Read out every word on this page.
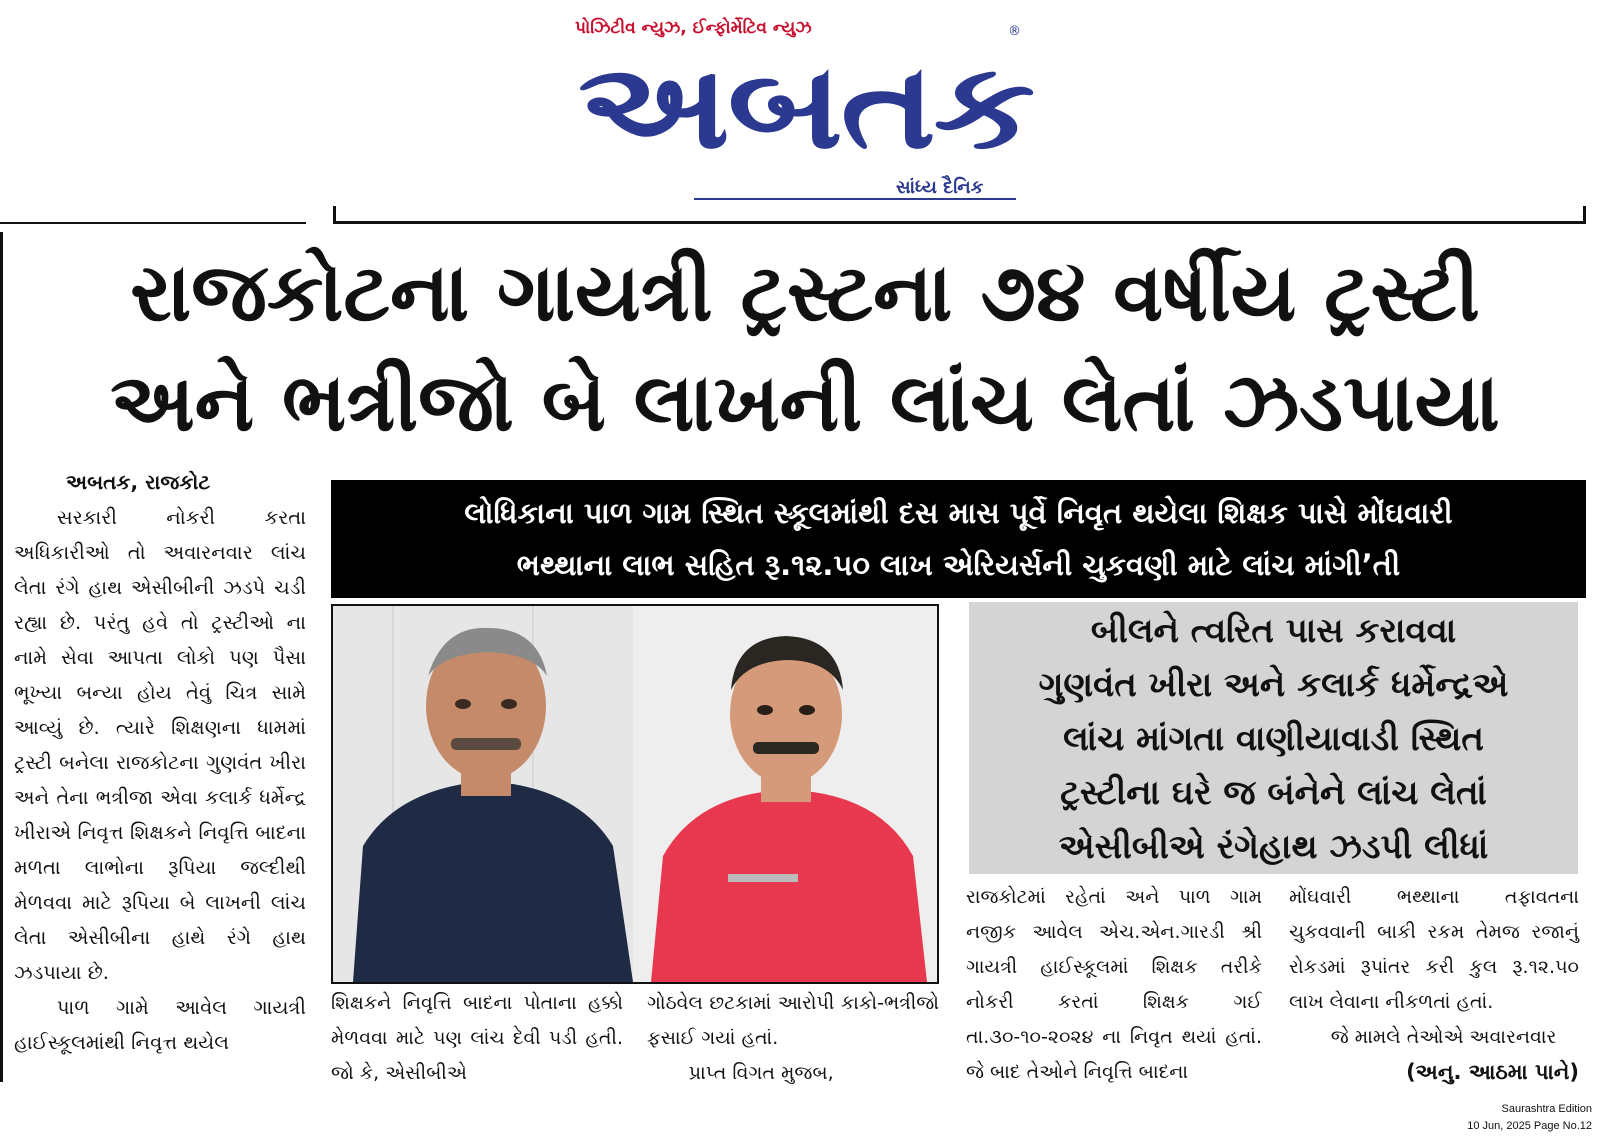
પોઝિટીવ ન્યુઝ, ઈન્ફોર્મેટિવ ન્યુઝ
અબતક
®
સાંધ્ય દૈનિક
રાજકોટના ગાયત્રી ટ્રસ્ટના ૭૪ વર્ષીય ટ્રસ્ટી
અને ભત્રીજો બે લાખની લાંચ લેતાં ઝડપાયા
અબતક, રાજકોટ

સરકારી નોકરી કરતા અધિકારીઓ તો અવારનવાર લાંચ લેતા રંગે હાથ એસીબીની ઝડપે ચડી રહ્યા છે. પરંતુ હવે તો ટ્રસ્ટીઓ ના નામે સેવા આપતા લોકો પણ પૈસા ભૂખ્યા બન્યા હોય તેવું ચિત્ર સામે આવ્યું છે. ત્યારે શિક્ષણના ધામમાં ટ્રસ્ટી બનેલા રાજકોટના ગુણવંત ખીરા અને તેના ભત્રીજા એવા કલાર્ક ધર્મેન્દ્ર ખીરાએ નિવૃત્ત શિક્ષકને નિવૃત્તિ બાદના મળતા લાભોના રૂપિયા જલ્દીથી મેળવવા માટે રૂપિયા બે લાખની લાંચ લેતા એસીબીના હાથે રંગે હાથ ઝડપાયા છે.

પાળ ગામે આવેલ ગાયત્રી હાઈસ્કૂલમાંથી નિવૃત્ત થયેલ

લોધિકાના પાળ ગામ સ્થિત સ્કૂલમાંથી દસ માસ પૂર્વે નિવૃત થયેલા શિક્ષક પાસે મોંઘવારી
ભથ્થાના લાભ સહિત રૂ.૧૨.૫૦ લાખ એરિયર્સની ચુકવણી માટે લાંચ માંગી’તી

શિક્ષકને નિવૃત્તિ બાદના પોતાના હક્કો મેળવવા માટે પણ લાંચ દેવી પડી હતી. જો કે, એસીબીએ

ગોઠવેલ છટકામાં આરોપી કાકો-ભત્રીજો ફસાઈ ગયાં હતાં.

પ્રાપ્ત વિગત મુજબ,

બીલને ત્વરિત પાસ કરાવવા
ગુણવંત ખીરા અને કલાર્ક ધર્મેન્દ્રએ
લાંચ માંગતા વાણીયાવાડી સ્થિત
ટ્રસ્ટીના ઘરે જ બંનેને લાંચ લેતાં
એસીબીએ રંગેહાથ ઝડપી લીધાં

રાજકોટમાં રહેતાં અને પાળ ગામ નજીક આવેલ એચ.એન.ગારડી શ્રી ગાયત્રી હાઈસ્કૂલમાં શિક્ષક તરીકે નોકરી કરતાં શિક્ષક ગઈ તા.૩૦-૧૦-૨૦૨૪ ના નિવૃત થયાં હતાં. જે બાદ તેઓને નિવૃત્તિ બાદના

મોંઘવારી ભથ્થાના તફાવતના ચુકવવાની બાકી રકમ તેમજ રજાનું રોકડમાં રૂપાંતર કરી કુલ રૂ.૧૨.૫૦ લાખ લેવાના નીકળતાં હતાં.

જે મામલે તેઓએ અવારનવાર

(અનુ. આઠમા પાને)
Saurashtra Edition
10 Jun, 2025 Page No.12
